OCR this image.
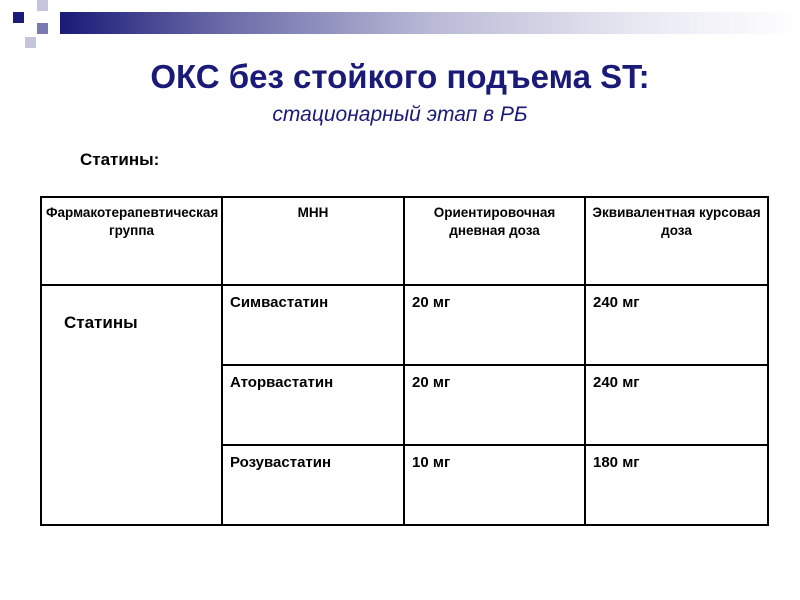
ОКС без стойкого подъема ST:
стационарный этап в РБ
Статины:
Фармакотерапевтическая группа	МНН	Ориентировочная дневная доза	Эквивалентная курсовая доза
Статины	Симвастатин	20 мг	240 мг
	Аторвастатин	20 мг	240 мг
	Розувастатин	10 мг	180 мг
